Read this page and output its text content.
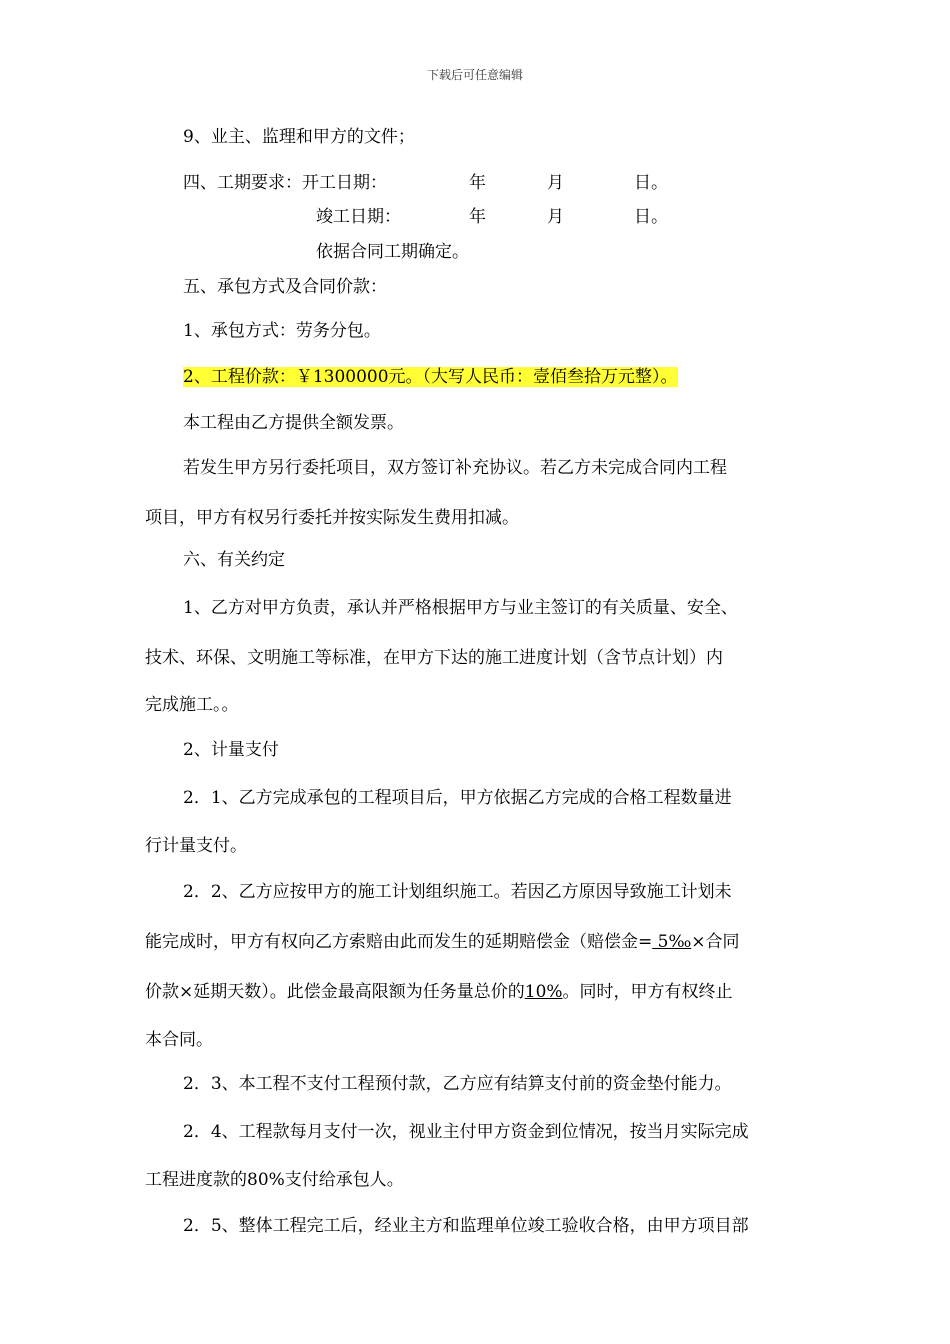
下载后可任意编辑
9、业主、监理和甲方的文件；
四、工期要求：开工日期：	年	月	日。
竣工日期：	年	月	日。
依据合同工期确定。
五、承包方式及合同价款：
1、承包方式：劳务分包。
2、工程价款：￥1300000元。（大写人民币：壹佰叁拾万元整）。
本工程由乙方提供全额发票。
若发生甲方另行委托项目，双方签订补充协议。若乙方未完成合同内工程
项目，甲方有权另行委托并按实际发生费用扣减。
六、有关约定
1、乙方对甲方负责，承认并严格根据甲方与业主签订的有关质量、安全、
技术、环保、文明施工等标准，在甲方下达的施工进度计划（含节点计划）内
完成施工。。
2、计量支付
2．1、乙方完成承包的工程项目后，甲方依据乙方完成的合格工程数量进
行计量支付。
2．2、乙方应按甲方的施工计划组织施工。若因乙方原因导致施工计划未
能完成时，甲方有权向乙方索赔由此而发生的延期赔偿金（赔偿金= 5‰×合同
价款×延期天数）。此偿金最高限额为任务量总价的10%。同时，甲方有权终止
本合同。
2．3、本工程不支付工程预付款，乙方应有结算支付前的资金垫付能力。
2．4、工程款每月支付一次，视业主付甲方资金到位情况，按当月实际完成
工程进度款的80%支付给承包人。
2．5、整体工程完工后，经业主方和监理单位竣工验收合格，由甲方项目部
